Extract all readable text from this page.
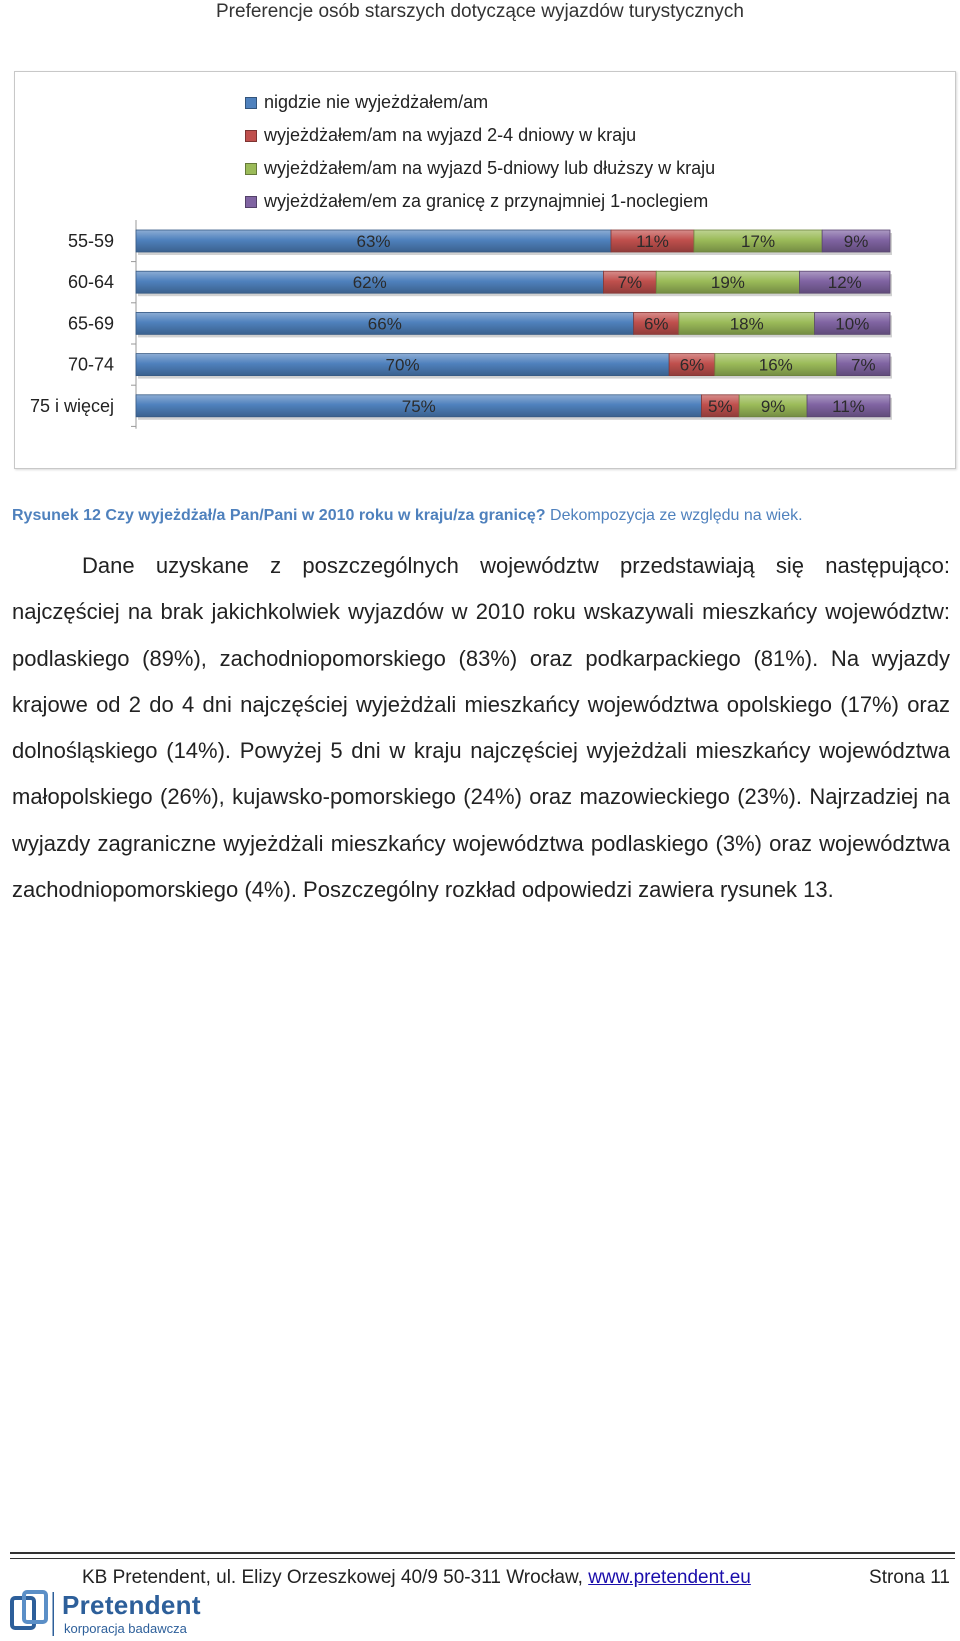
Preferencje osób starszych dotyczące wyjazdów turystycznych
nigdzie nie wyjeżdżałem/am
wyjeżdżałem/am na wyjazd 2-4 dniowy w kraju
wyjeżdżałem/am na wyjazd 5-dniowy lub dłuższy w kraju
wyjeżdżałem/em za granicę z przynajmniej 1-noclegiem
55-59	63%	11%	17%	9%
60-64	62%	7%	19%	12%
65-69	66%	6%	18%	10%
70-74	70%	6%	16%	7%
75 i więcej	75%	5% 9%	11%
Rysunek 12 Czy wyjeżdżał/a Pan/Pani w 2010 roku w kraju/za granicę? Dekompozycja ze względu na wiek.

Dane uzyskane z poszczególnych województw przedstawiają się następująco: najczęściej na brak jakichkolwiek wyjazdów w 2010 roku wskazywali mieszkańcy województw: podlaskiego (89%), zachodniopomorskiego (83%) oraz podkarpackiego (81%). Na wyjazdy krajowe od 2 do 4 dni najczęściej wyjeżdżali mieszkańcy województwa opolskiego (17%) oraz dolnośląskiego (14%). Powyżej 5 dni w kraju najczęściej wyjeżdżali mieszkańcy województwa małopolskiego (26%), kujawsko-pomorskiego (24%) oraz mazowieckiego (23%). Najrzadziej na wyjazdy zagraniczne wyjeżdżali mieszkańcy województwa podlaskiego (3%) oraz województwa zachodniopomorskiego (4%). Poszczególny rozkład odpowiedzi zawiera rysunek 13.

KB Pretendent, ul. Elizy Orzeszkowej 40/9 50-311 Wrocław, www.pretendent.eu	Strona 11
Pretendent
korporacja badawcza
